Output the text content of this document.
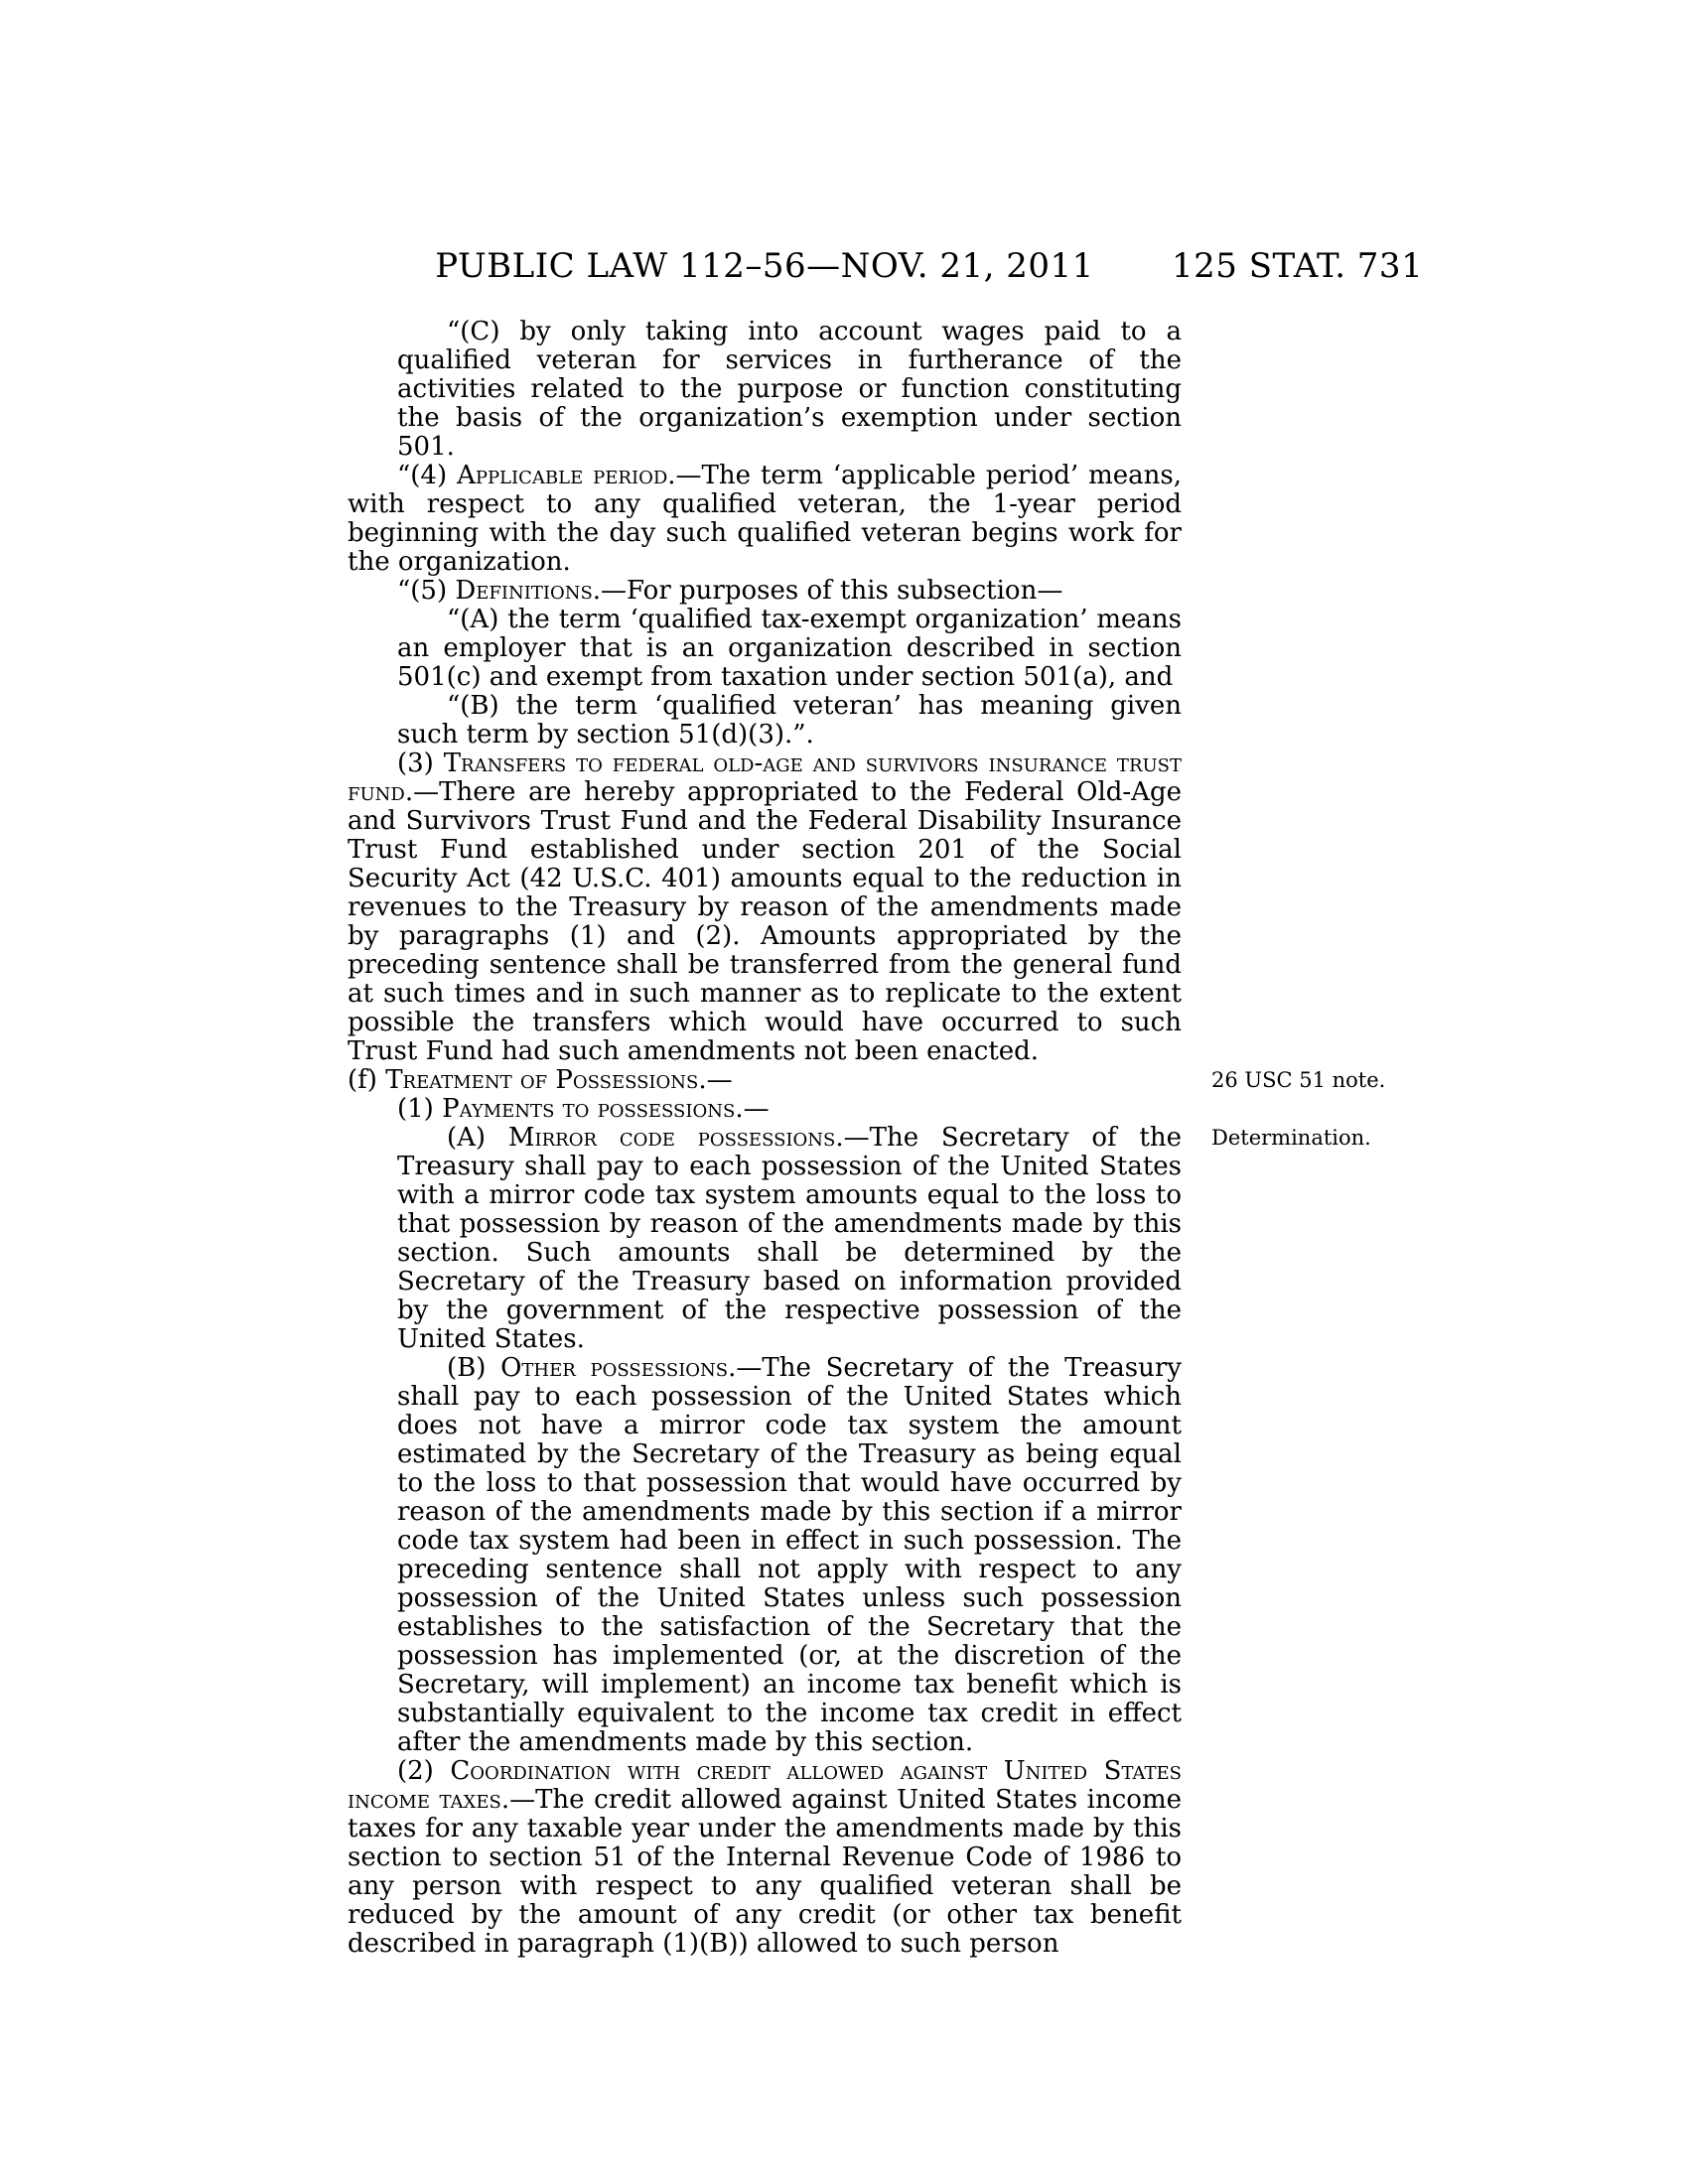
PUBLIC LAW 112–56—NOV. 21, 2011	125 STAT. 731

“(C) by only taking into account wages paid to a qualified veteran for services in furtherance of the activities related to the purpose or function constituting the basis of the organization’s exemption under section 501.

“(4) Applicable period.—The term ‘applicable period’ means, with respect to any qualified veteran, the 1-year period beginning with the day such qualified veteran begins work for the organization.

“(5) Definitions.—For purposes of this subsection—

“(A) the term ‘qualified tax-exempt organization’ means an employer that is an organization described in section 501(c) and exempt from taxation under section 501(a), and

“(B) the term ‘qualified veteran’ has meaning given such term by section 51(d)(3).”.

(3) Transfers to federal old-age and survivors insurance trust fund.—There are hereby appropriated to the Federal Old-Age and Survivors Trust Fund and the Federal Disability Insurance Trust Fund established under section 201 of the Social Security Act (42 U.S.C. 401) amounts equal to the reduction in revenues to the Treasury by reason of the amendments made by paragraphs (1) and (2). Amounts appropriated by the preceding sentence shall be transferred from the general fund at such times and in such manner as to replicate to the extent possible the transfers which would have occurred to such Trust Fund had such amendments not been enacted.

(f) Treatment of Possessions.—	26 USC 51 note.

(1) Payments to possessions.—

(A) Mirror code possessions.—The Secretary of the Treasury shall pay to each possession of the United States with a mirror code tax system amounts equal to the loss to that possession by reason of the amendments made by this section. Such amounts shall be determined by the Secretary of the Treasury based on information provided by the government of the respective possession of the United States.
Determination.

(B) Other possessions.—The Secretary of the Treasury shall pay to each possession of the United States which does not have a mirror code tax system the amount estimated by the Secretary of the Treasury as being equal to the loss to that possession that would have occurred by reason of the amendments made by this section if a mirror code tax system had been in effect in such possession. The preceding sentence shall not apply with respect to any possession of the United States unless such possession establishes to the satisfaction of the Secretary that the possession has implemented (or, at the discretion of the Secretary, will implement) an income tax benefit which is substantially equivalent to the income tax credit in effect after the amendments made by this section.

(2) Coordination with credit allowed against United States income taxes.—The credit allowed against United States income taxes for any taxable year under the amendments made by this section to section 51 of the Internal Revenue Code of 1986 to any person with respect to any qualified veteran shall be reduced by the amount of any credit (or other tax benefit described in paragraph (1)(B)) allowed to such person
